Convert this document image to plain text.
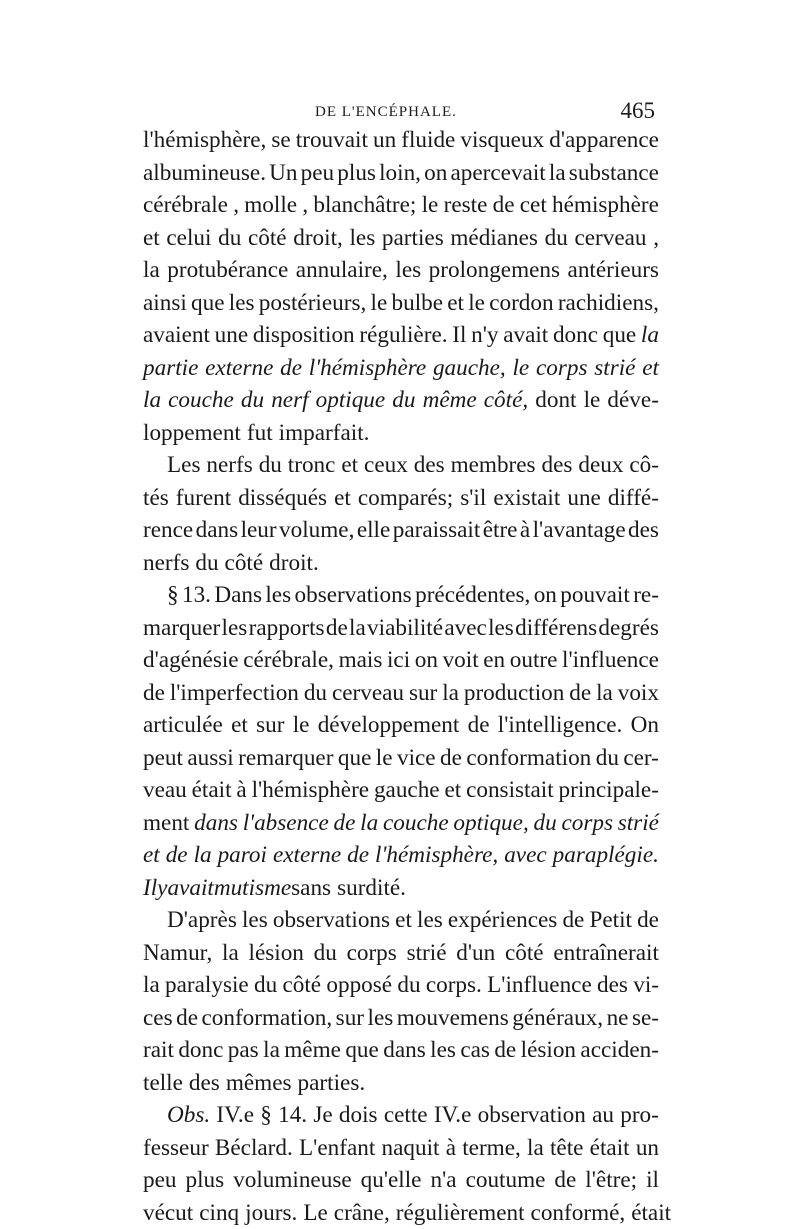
DE L'ENCÉPHALE.	465
l'hémisphère, se trouvait un fluide visqueux d'apparence
albumineuse. Un peu plus loin, on apercevait la substance
cérébrale , molle , blanchâtre; le reste de cet hémisphère
et celui du côté droit, les parties médianes du cerveau ,
la protubérance annulaire, les prolongemens antérieurs
ainsi que les postérieurs, le bulbe et le cordon rachidiens,
avaient une disposition régulière. Il n'y avait donc que la
partie externe de l'hémisphère gauche, le corps strié et
la couche du nerf optique du même côté, dont le déve-
loppement fut imparfait.
Les nerfs du tronc et ceux des membres des deux cô-
tés furent disséqués et comparés; s'il existait une diffé-
rence dans leur volume, elle paraissait être à l'avantage des
nerfs du côté droit.
§ 13. Dans les observations précédentes, on pouvait re-
marquer les rapports de la viabilité avec les différens degrés
d'agénésie cérébrale, mais ici on voit en outre l'influence
de l'imperfection du cerveau sur la production de la voix
articulée et sur le développement de l'intelligence. On
peut aussi remarquer que le vice de conformation du cer-
veau était à l'hémisphère gauche et consistait principale-
ment dans l'absence de la couche optique, du corps strié
et de la paroi externe de l'hémisphère, avec paraplégie.
Il y avait mutisme sans surdité.
D'après les observations et les expériences de Petit de
Namur, la lésion du corps strié d'un côté entraînerait
la paralysie du côté opposé du corps. L'influence des vi-
ces de conformation, sur les mouvemens généraux, ne se-
rait donc pas la même que dans les cas de lésion acciden-
telle des mêmes parties.
Obs. IV.e § 14. Je dois cette IV.e observation au pro-
fesseur Béclard. L'enfant naquit à terme, la tête était un
peu plus volumineuse qu'elle n'a coutume de l'être; il
vécut cinq jours. Le crâne, régulièrement conformé, était
